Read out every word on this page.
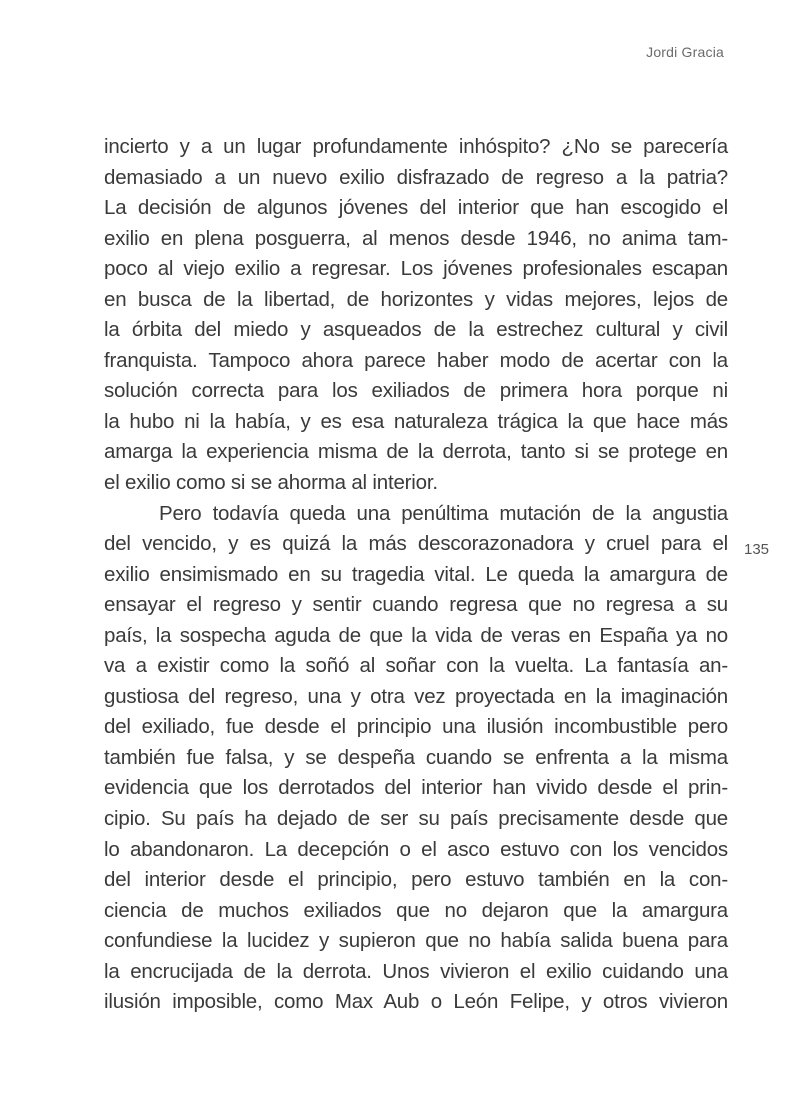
Jordi Gracia
135
incierto y a un lugar profundamente inhóspito? ¿No se parecería
demasiado a un nuevo exilio disfrazado de regreso a la patria?
La decisión de algunos jóvenes del interior que han escogido el
exilio en plena posguerra, al menos desde 1946, no anima tam-
poco al viejo exilio a regresar. Los jóvenes profesionales escapan
en busca de la libertad, de horizontes y vidas mejores, lejos de
la órbita del miedo y asqueados de la estrechez cultural y civil
franquista. Tampoco ahora parece haber modo de acertar con la
solución correcta para los exiliados de primera hora porque ni
la hubo ni la había, y es esa naturaleza trágica la que hace más
amarga la experiencia misma de la derrota, tanto si se protege en
el exilio como si se ahorma al interior.
Pero todavía queda una penúltima mutación de la angustia
del vencido, y es quizá la más descorazonadora y cruel para el
exilio ensimismado en su tragedia vital. Le queda la amargura de
ensayar el regreso y sentir cuando regresa que no regresa a su
país, la sospecha aguda de que la vida de veras en España ya no
va a existir como la soñó al soñar con la vuelta. La fantasía an-
gustiosa del regreso, una y otra vez proyectada en la imaginación
del exiliado, fue desde el principio una ilusión incombustible pero
también fue falsa, y se despeña cuando se enfrenta a la misma
evidencia que los derrotados del interior han vivido desde el prin-
cipio. Su país ha dejado de ser su país precisamente desde que
lo abandonaron. La decepción o el asco estuvo con los vencidos
del interior desde el principio, pero estuvo también en la con-
ciencia de muchos exiliados que no dejaron que la amargura
confundiese la lucidez y supieron que no había salida buena para
la encrucijada de la derrota. Unos vivieron el exilio cuidando una
ilusión imposible, como Max Aub o León Felipe, y otros vivieron
